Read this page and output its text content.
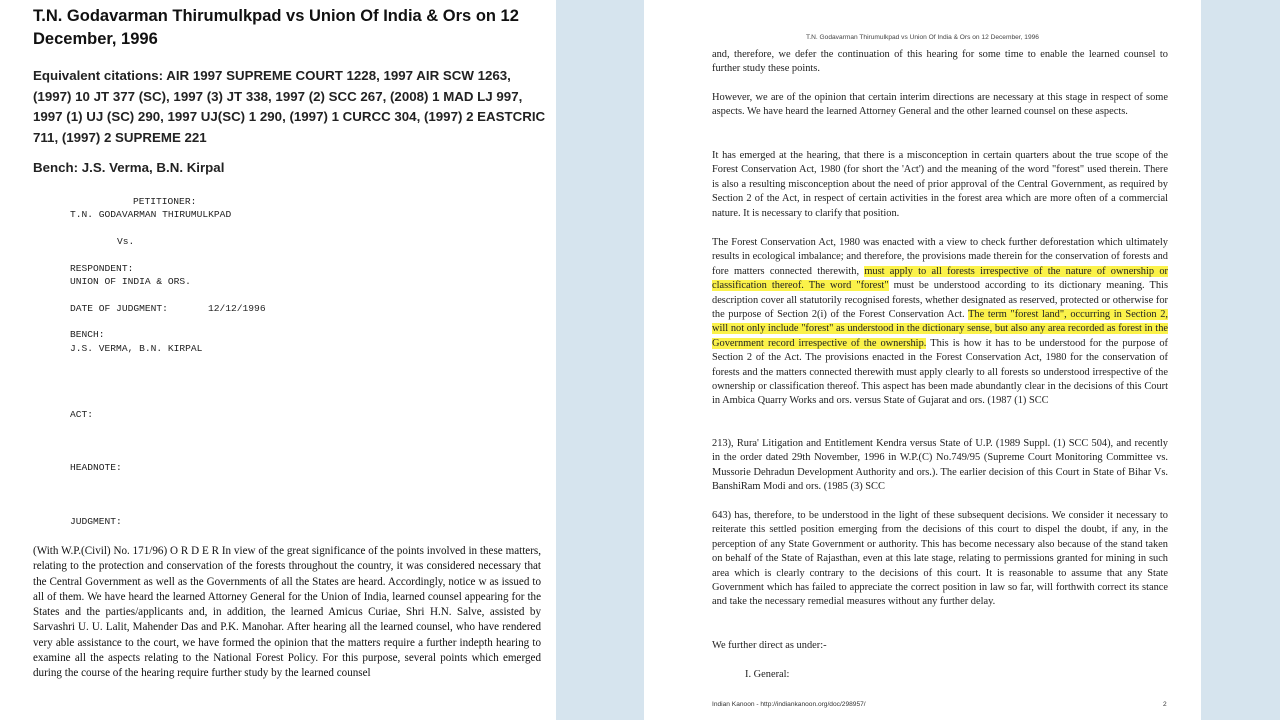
T.N. Godavarman Thirumulkpad vs Union Of India & Ors on 12 December, 1996

Equivalent citations: AIR 1997 SUPREME COURT 1228, 1997 AIR SCW 1263, (1997) 10 JT 377 (SC), 1997 (3) JT 338, 1997 (2) SCC 267, (2008) 1 MAD LJ 997, 1997 (1) UJ (SC) 290, 1997 UJ(SC) 1 290, (1997) 1 CURCC 304, (1997) 2 EASTCRIC 711, (1997) 2 SUPREME 221

Bench: J.S. Verma, B.N. Kirpal

PETITIONER:

T.N. GODAVARMAN THIRUMULKPAD

Vs.

RESPONDENT:

UNION OF INDIA & ORS.

DATE OF JUDGMENT:	12/12/1996

BENCH:

J.S. VERMA, B.N. KIRPAL

ACT:

HEADNOTE:

JUDGMENT:

(With W.P.(Civil) No. 171/96) O R D E R In view of the great significance of the points involved in these matters, relating to the protection and conservation of the forests throughout the country, it was considered necessary that the Central Government as well as the Governments of all the States are heard. Accordingly, notice w as issued to all of them. We have heard the learned Attorney General for the Union of India, learned counsel appearing for the States and the parties/applicants and, in addition, the learned Amicus Curiae, Shri H.N. Salve, assisted by Sarvashri U. U. Lalit, Mahender Das and P.K. Manohar. After hearing all the learned counsel, who have rendered very able assistance to the court, we have formed the opinion that the matters require a further indepth hearing to examine all the aspects relating to the National Forest Policy. For this purpose, several points which emerged during the course of the hearing require further study by the learned counsel

T.N. Godavarman Thirumulkpad vs Union Of India & Ors on 12 December, 1996

and, therefore, we defer the continuation of this hearing for some time to enable the learned counsel to further study these points.

However, we are of the opinion that certain interim directions are necessary at this stage in respect of some aspects. We have heard the learned Attorney General and the other learned counsel on these aspects.

It has emerged at the hearing, that there is a misconception in certain quarters about the true scope of the Forest Conservation Act, 1980 (for short the 'Act') and the meaning of the word "forest" used therein. There is also a resulting misconception about the need of prior approval of the Central Government, as required by Section 2 of the Act, in respect of certain activities in the forest area which are more often of a commercial nature. It is necessary to clarify that position.

The Forest Conservation Act, 1980 was enacted with a view to check further deforestation which ultimately results in ecological imbalance; and therefore, the provisions made therein for the conservation of forests and fore matters connected therewith, must apply to all forests irrespective of the nature of ownership or classification thereof. The word "forest" must be understood according to its dictionary meaning. This description cover all statutorily recognised forests, whether designated as reserved, protected or otherwise for the purpose of Section 2(i) of the Forest Conservation Act. The term "forest land", occurring in Section 2, will not only include "forest" as understood in the dictionary sense, but also any area recorded as forest in the Government record irrespective of the ownership. This is how it has to be understood for the purpose of Section 2 of the Act. The provisions enacted in the Forest Conservation Act, 1980 for the conservation of forests and the matters connected therewith must apply clearly to all forests so understood irrespective of the ownership or classification thereof. This aspect has been made abundantly clear in the decisions of this Court in Ambica Quarry Works and ors. versus State of Gujarat and ors. (1987 (1) SCC

213), Rura' Litigation and Entitlement Kendra versus State of U.P. (1989 Suppl. (1) SCC 504), and recently in the order dated 29th November, 1996 in W.P.(C) No.749/95 (Supreme Court Monitoring Committee vs. Mussorie Dehradun Development Authority and ors.). The earlier decision of this Court in State of Bihar Vs. BanshiRam Modi and ors. (1985 (3) SCC

643) has, therefore, to be understood in the light of these subsequent decisions. We consider it necessary to reiterate this settled position emerging from the decisions of this court to dispel the doubt, if any, in the perception of any State Government or authority. This has become necessary also because of the stand taken on behalf of the State of Rajasthan, even at this late stage, relating to permissions granted for mining in such area which is clearly contrary to the decisions of this court. It is reasonable to assume that any State Government which has failed to appreciate the correct position in law so far, will forthwith correct its stance and take the necessary remedial measures without any further delay.

We further direct as under:-

I. General:

Indian Kanoon - http://indiankanoon.org/doc/298957/	2
